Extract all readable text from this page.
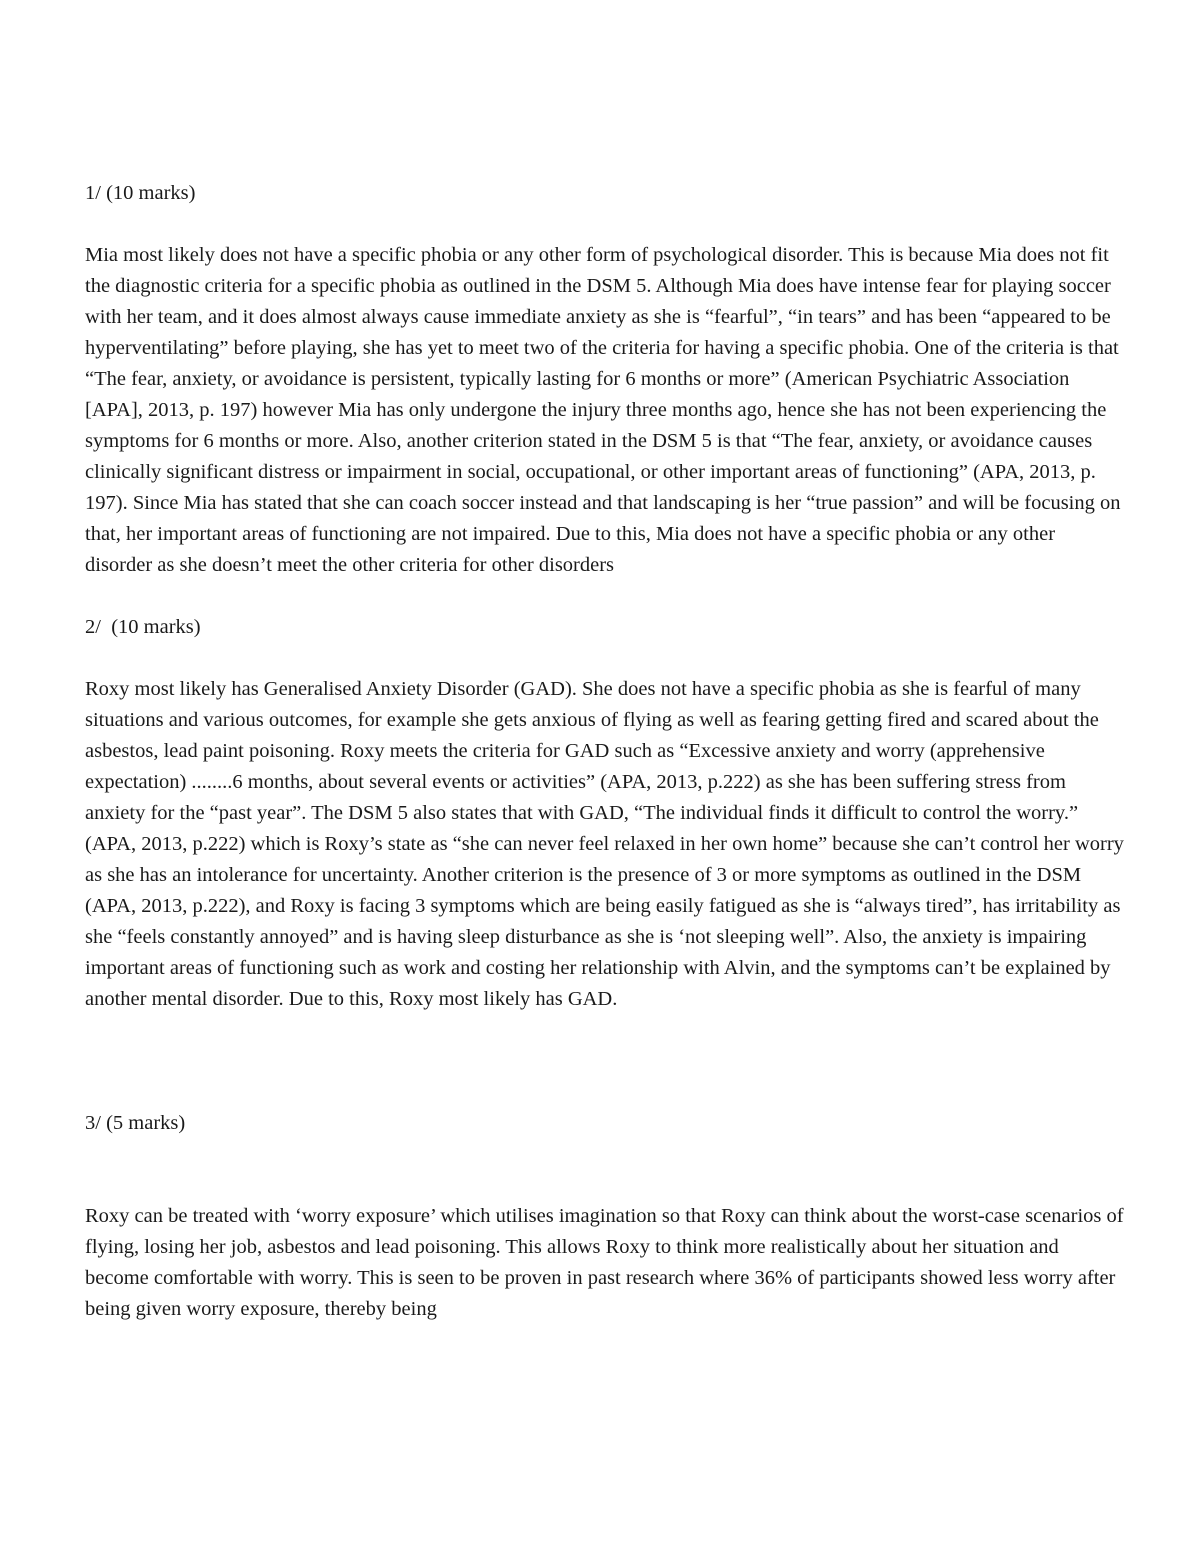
1/ (10 marks)

Mia most likely does not have a specific phobia or any other form of psychological disorder. This is because Mia does not fit the diagnostic criteria for a specific phobia as outlined in the DSM 5. Although Mia does have intense fear for playing soccer with her team, and it does almost always cause immediate anxiety as she is “fearful”, “in tears” and has been “appeared to be hyperventilating” before playing, she has yet to meet two of the criteria for having a specific phobia. One of the criteria is that “The fear, anxiety, or avoidance is persistent, typically lasting for 6 months or more” (American Psychiatric Association [APA], 2013, p. 197) however Mia has only undergone the injury three months ago, hence she has not been experiencing the symptoms for 6 months or more. Also, another criterion stated in the DSM 5 is that “The fear, anxiety, or avoidance causes clinically significant distress or impairment in social, occupational, or other important areas of functioning” (APA, 2013, p. 197). Since Mia has stated that she can coach soccer instead and that landscaping is her “true passion” and will be focusing on that, her important areas of functioning are not impaired. Due to this, Mia does not have a specific phobia or any other disorder as she doesn’t meet the other criteria for other disorders

2/  (10 marks)

Roxy most likely has Generalised Anxiety Disorder (GAD). She does not have a specific phobia as she is fearful of many situations and various outcomes, for example she gets anxious of flying as well as fearing getting fired and scared about the asbestos, lead paint poisoning. Roxy meets the criteria for GAD such as “Excessive anxiety and worry (apprehensive expectation) ........6 months, about several events or activities” (APA, 2013, p.222) as she has been suffering stress from anxiety for the “past year”. The DSM 5 also states that with GAD, “The individual finds it difficult to control the worry.” (APA, 2013, p.222) which is Roxy’s state as “she can never feel relaxed in her own home” because she can’t control her worry as she has an intolerance for uncertainty. Another criterion is the presence of 3 or more symptoms as outlined in the DSM (APA, 2013, p.222), and Roxy is facing 3 symptoms which are being easily fatigued as she is “always tired”, has irritability as she “feels constantly annoyed” and is having sleep disturbance as she is ‘not sleeping well”. Also, the anxiety is impairing important areas of functioning such as work and costing her relationship with Alvin, and the symptoms can’t be explained by another mental disorder. Due to this, Roxy most likely has GAD.

3/ (5 marks)

Roxy can be treated with ‘worry exposure’ which utilises imagination so that Roxy can think about the worst-case scenarios of flying, losing her job, asbestos and lead poisoning. This allows Roxy to think more realistically about her situation and become comfortable with worry. This is seen to be proven in past research where 36% of participants showed less worry after being given worry exposure, thereby being
